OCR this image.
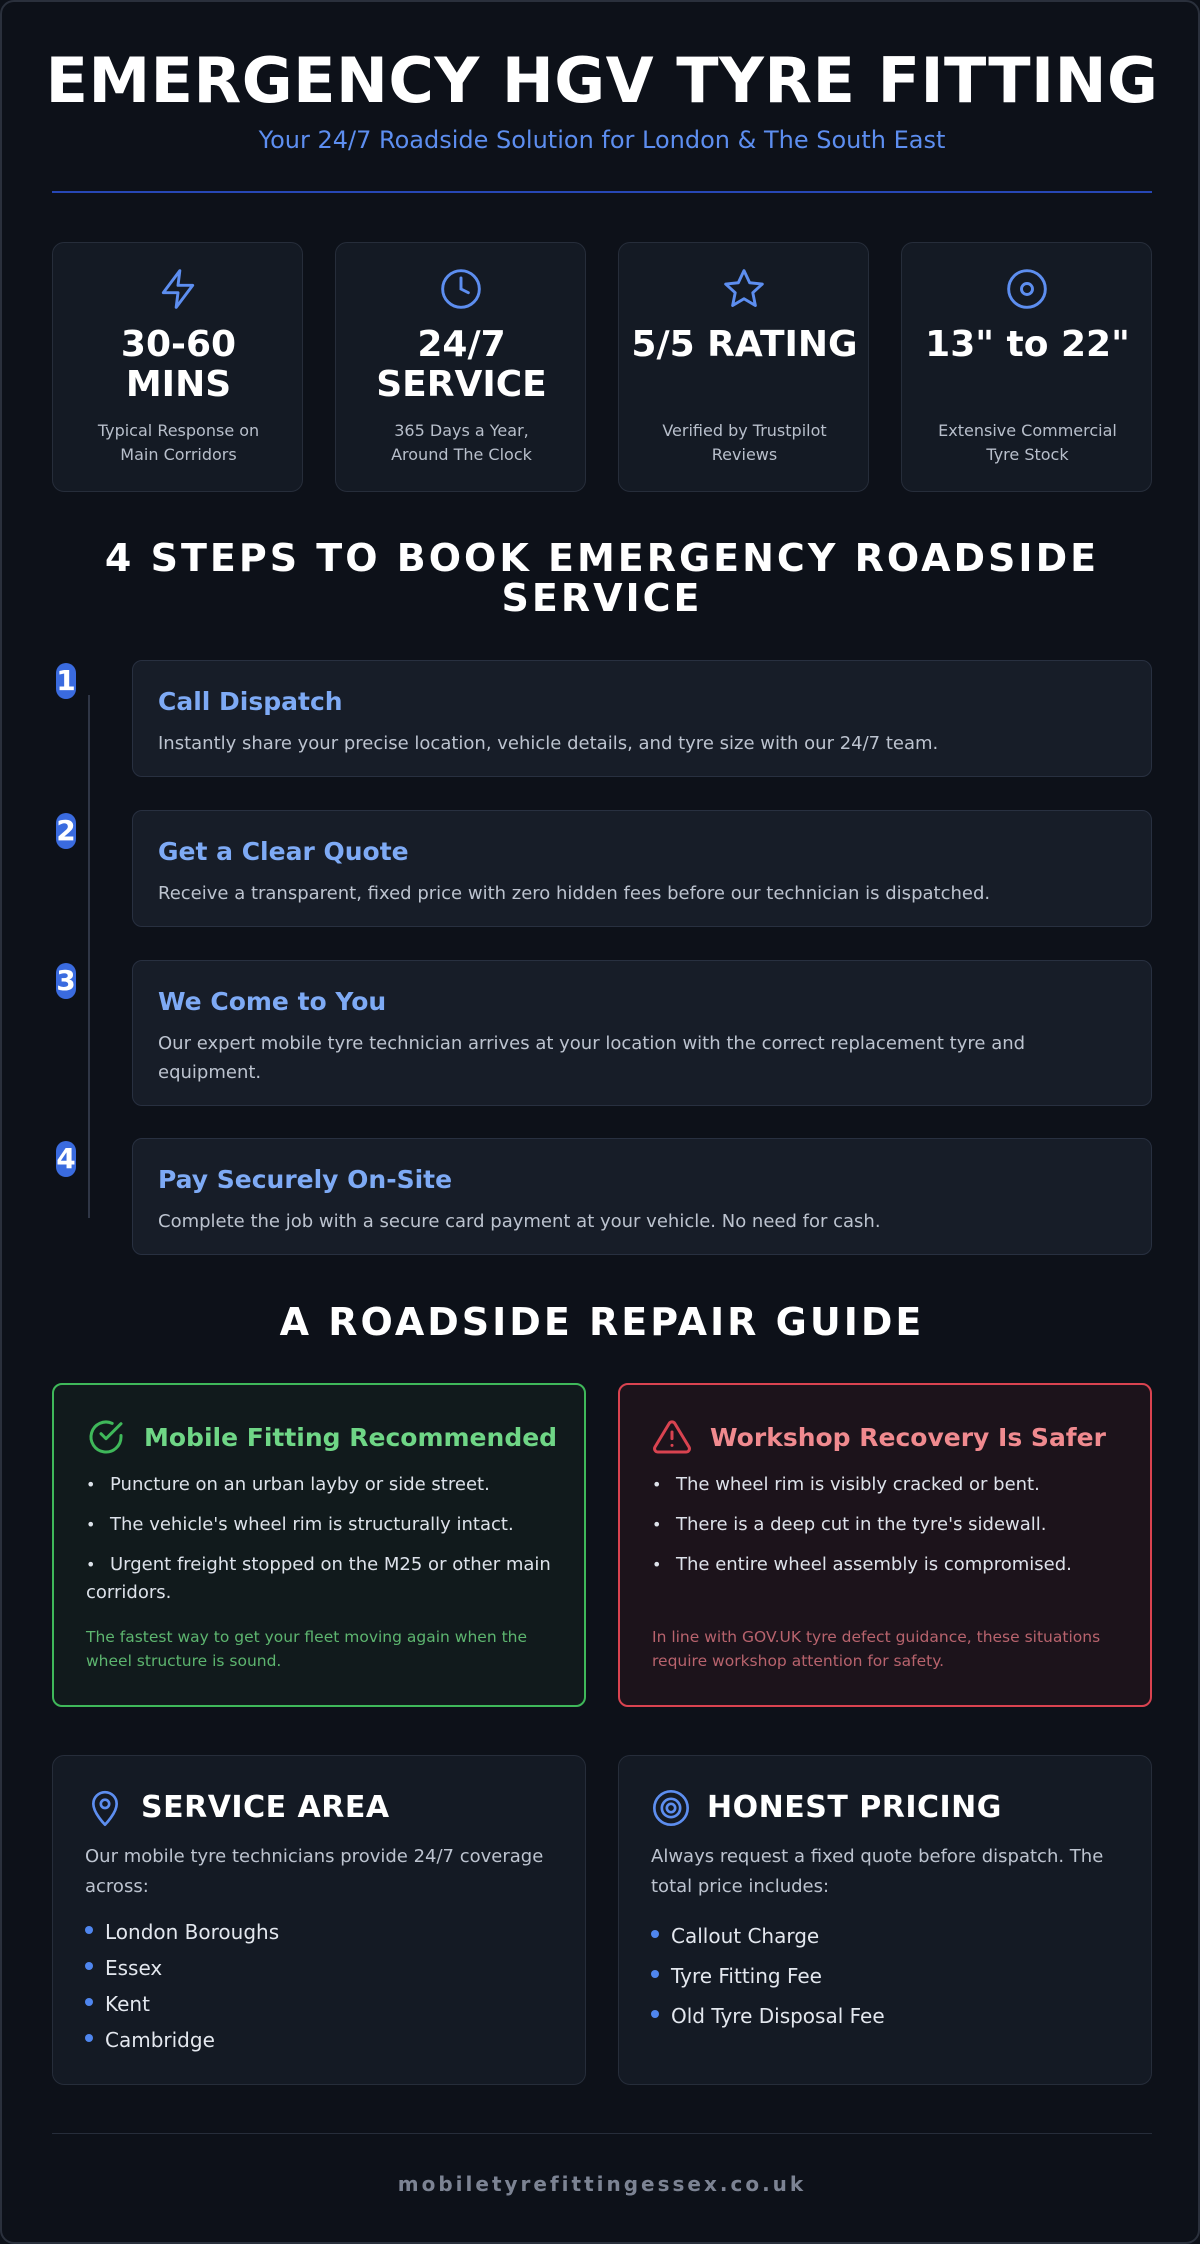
EMERGENCY HGV TYRE FITTING
Your 24/7 Roadside Solution for London & The South East
30-60 MINS
Typical Response on Main Corridors
24/7 SERVICE
365 Days a Year, Around The Clock
5/5 RATING
Verified by Trustpilot Reviews
13" to 22"
Extensive Commercial Tyre Stock
4 STEPS TO BOOK EMERGENCY ROADSIDE SERVICE
1
Call Dispatch
Instantly share your precise location, vehicle details, and tyre size with our 24/7 team.
2
Get a Clear Quote
Receive a transparent, fixed price with zero hidden fees before our technician is dispatched.
3
We Come to You
Our expert mobile tyre technician arrives at your location with the correct replacement tyre and equipment.
4
Pay Securely On-Site
Complete the job with a secure card payment at your vehicle. No need for cash.
A ROADSIDE REPAIR GUIDE
Mobile Fitting Recommended
• Puncture on an urban layby or side street.
• The vehicle's wheel rim is structurally intact.
• Urgent freight stopped on the M25 or other main corridors.
The fastest way to get your fleet moving again when the wheel structure is sound.
Workshop Recovery Is Safer
• The wheel rim is visibly cracked or bent.
• There is a deep cut in the tyre's sidewall.
• The entire wheel assembly is compromised.
In line with GOV.UK tyre defect guidance, these situations require workshop attention for safety.
SERVICE AREA
Our mobile tyre technicians provide 24/7 coverage across:
London Boroughs
Essex
Kent
Cambridge
HONEST PRICING
Always request a fixed quote before dispatch. The total price includes:
Callout Charge
Tyre Fitting Fee
Old Tyre Disposal Fee
mobiletyrefittingessex.co.uk
